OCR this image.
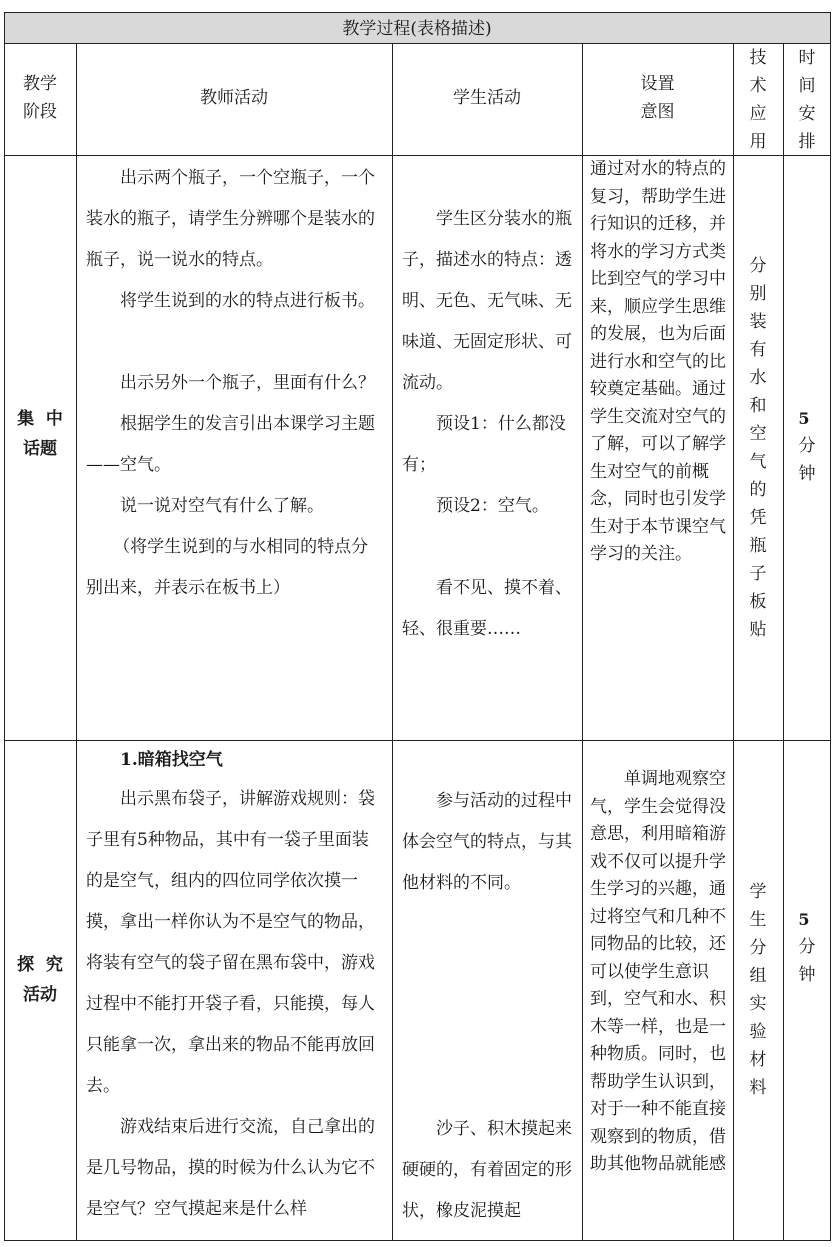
教学过程(表格描述)
教学
阶段
教师活动	学生活动
设置
意图
技术应用
时间安排
集  中
话题

出示两个瓶子，一个空瓶子，一个装水的瓶子，请学生分辨哪个是装水的瓶子，说一说水的特点。

将学生说到的水的特点进行板书。

出示另外一个瓶子，里面有什么？

根据学生的发言引出本课学习主题——空气。

说一说对空气有什么了解。

（将学生说到的与水相同的特点分别出来，并表示在板书上）

学生区分装水的瓶子，描述水的特点：透明、无色、无气味、无味道、无固定形状、可流动。

预设1：什么都没有；

预设2：空气。

看不见、摸不着、轻、很重要……

通过对水的特点的复习，帮助学生进行知识的迁移，并将水的学习方式类比到空气的学习中来，顺应学生思维的发展，也为后面进行水和空气的比较奠定基础。通过学生交流对空气的了解，可以了解学生对空气的前概念，同时也引发学生对于本节课空气学习的关注。
分别装有水和空气的凭瓶子板贴
5
分钟
探  究
活动

1.暗箱找空气

出示黑布袋子，讲解游戏规则：袋子里有5种物品，其中有一袋子里面装的是空气，组内的四位同学依次摸一摸，拿出一样你认为不是空气的物品，将装有空气的袋子留在黑布袋中，游戏过程中不能打开袋子看，只能摸，每人只能拿一次，拿出来的物品不能再放回去。

游戏结束后进行交流，自己拿出的是几号物品，摸的时候为什么认为它不是空气？空气摸起来是什么样

参与活动的过程中体会空气的特点，与其他材料的不同。

沙子、积木摸起来硬硬的，有着固定的形状，橡皮泥摸起

单调地观察空气，学生会觉得没意思，利用暗箱游戏不仅可以提升学生学习的兴趣，通过将空气和几种不同物品的比较，还可以使学生意识到，空气和水、积木等一样，也是一种物质。同时，也帮助学生认识到，对于一种不能直接观察到的物质，借助其他物品就能感
学生分组实验材料
5
分钟
